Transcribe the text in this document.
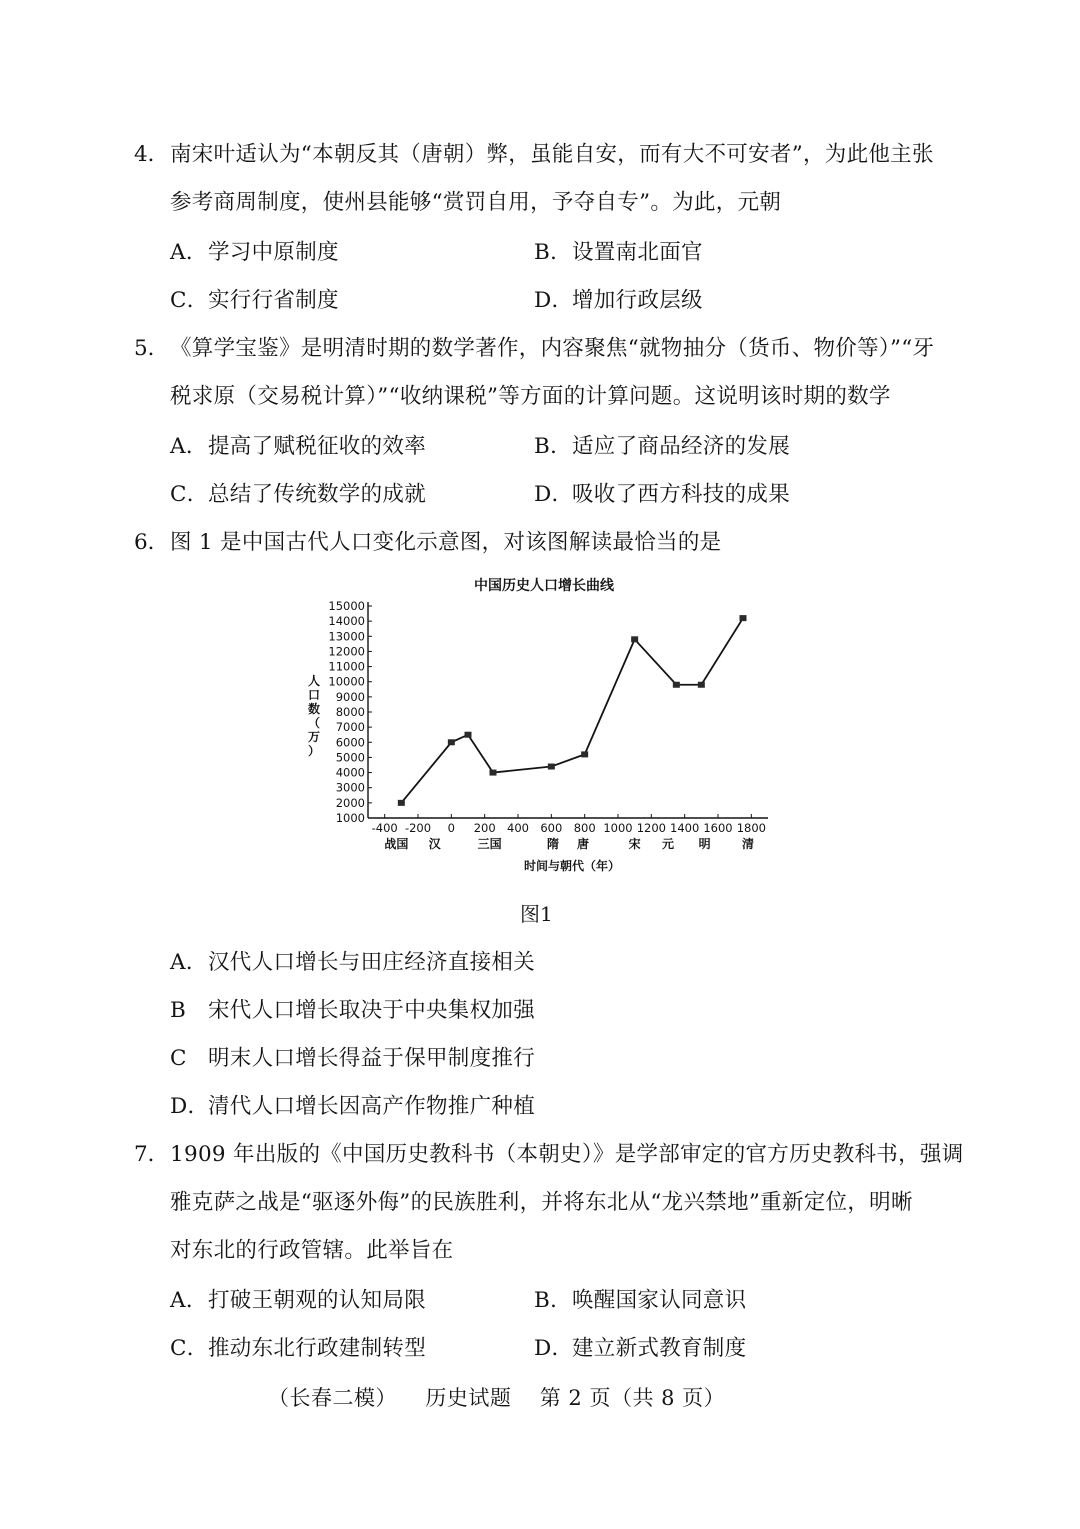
4． 南宋叶适认为“本朝反其（唐朝）弊，虽能自安，而有大不可安者”，为此他主张
参考商周制度，使州县能够“赏罚自用，予夺自专”。为此，元朝
A．学习中原制度	B．设置南北面官
C．实行行省制度	D．增加行政层级
5． 《算学宝鉴》是明清时期的数学著作，内容聚焦“就物抽分（货币、物价等）”“牙
税求原（交易税计算）”“收纳课税”等方面的计算问题。这说明该时期的数学
A．提高了赋税征收的效率	B．适应了商品经济的发展
C．总结了传统数学的成就	D．吸收了西方科技的成果
6． 图 1 是中国古代人口变化示意图，对该图解读最恰当的是
中国历史人口增长曲线
1000
2000
3000
4000
5000
6000
7000
8000
9000
10000
11000
12000
13000
14000
15000
-400 -200 0 200 400 600 800 1000 1200 1400 1600 1800
战国 汉	三国	隋 唐	宋 元 明	清
人口数（万）
时间与朝代（年）
图1
A．汉代人口增长与田庄经济直接相关
B 宋代人口增长取决于中央集权加强
C 明末人口增长得益于保甲制度推行
D．清代人口增长因高产作物推广种植
7． 1909 年出版的《中国历史教科书（本朝史）》是学部审定的官方历史教科书，强调
雅克萨之战是“驱逐外侮”的民族胜利，并将东北从“龙兴禁地”重新定位，明晰
对东北的行政管辖。此举旨在
A．打破王朝观的认知局限	B．唤醒国家认同意识
C．推动东北行政建制转型	D．建立新式教育制度
（长春二模） 历史试题 第 2 页（共 8 页）
